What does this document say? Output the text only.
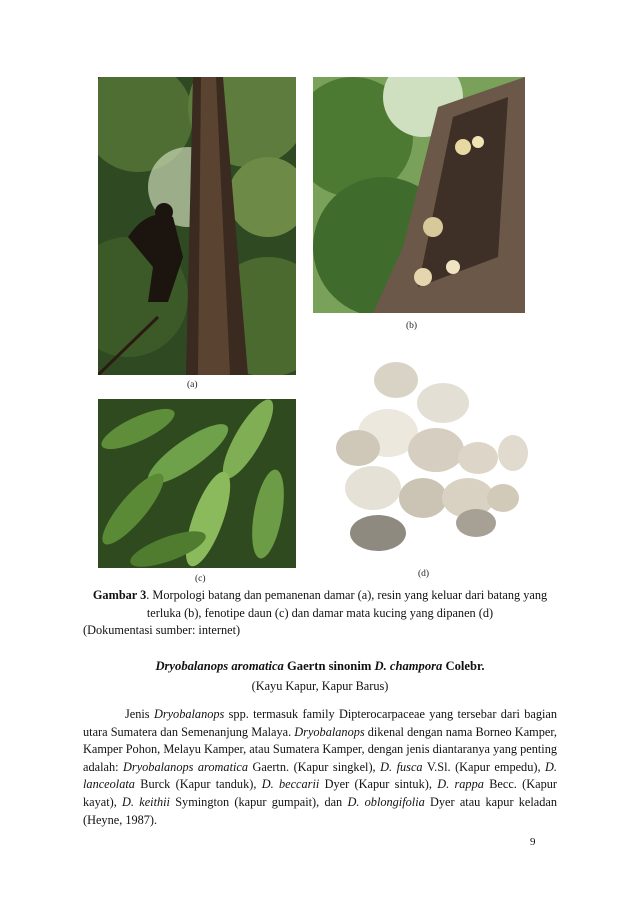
(b)
(a)
(c)	(d)
Gambar 3. Morpologi batang dan pemanenan damar (a), resin yang keluar dari batang yang terluka (b), fenotipe daun (c) dan damar mata kucing yang dipanen (d)
(Dokumentasi sumber: internet)
Dryobalanops aromatica Gaertn sinonim D. champora Colebr.
(Kayu Kapur, Kapur Barus)
Jenis Dryobalanops spp. termasuk family Dipterocarpaceae yang tersebar dari bagian utara Sumatera dan Semenanjung Malaya. Dryobalanops dikenal dengan nama Borneo Kamper, Kamper Pohon, Melayu Kamper, atau Sumatera Kamper, dengan jenis diantaranya yang penting adalah: Dryobalanops aromatica Gaertn. (Kapur singkel), D. fusca V.Sl. (Kapur empedu), D. lanceolata Burck (Kapur tanduk), D. beccarii Dyer (Kapur sintuk), D. rappa Becc. (Kapur kayat), D. keithii Symington (kapur gumpait), dan D. oblongifolia Dyer atau kapur keladan (Heyne, 1987).
9
